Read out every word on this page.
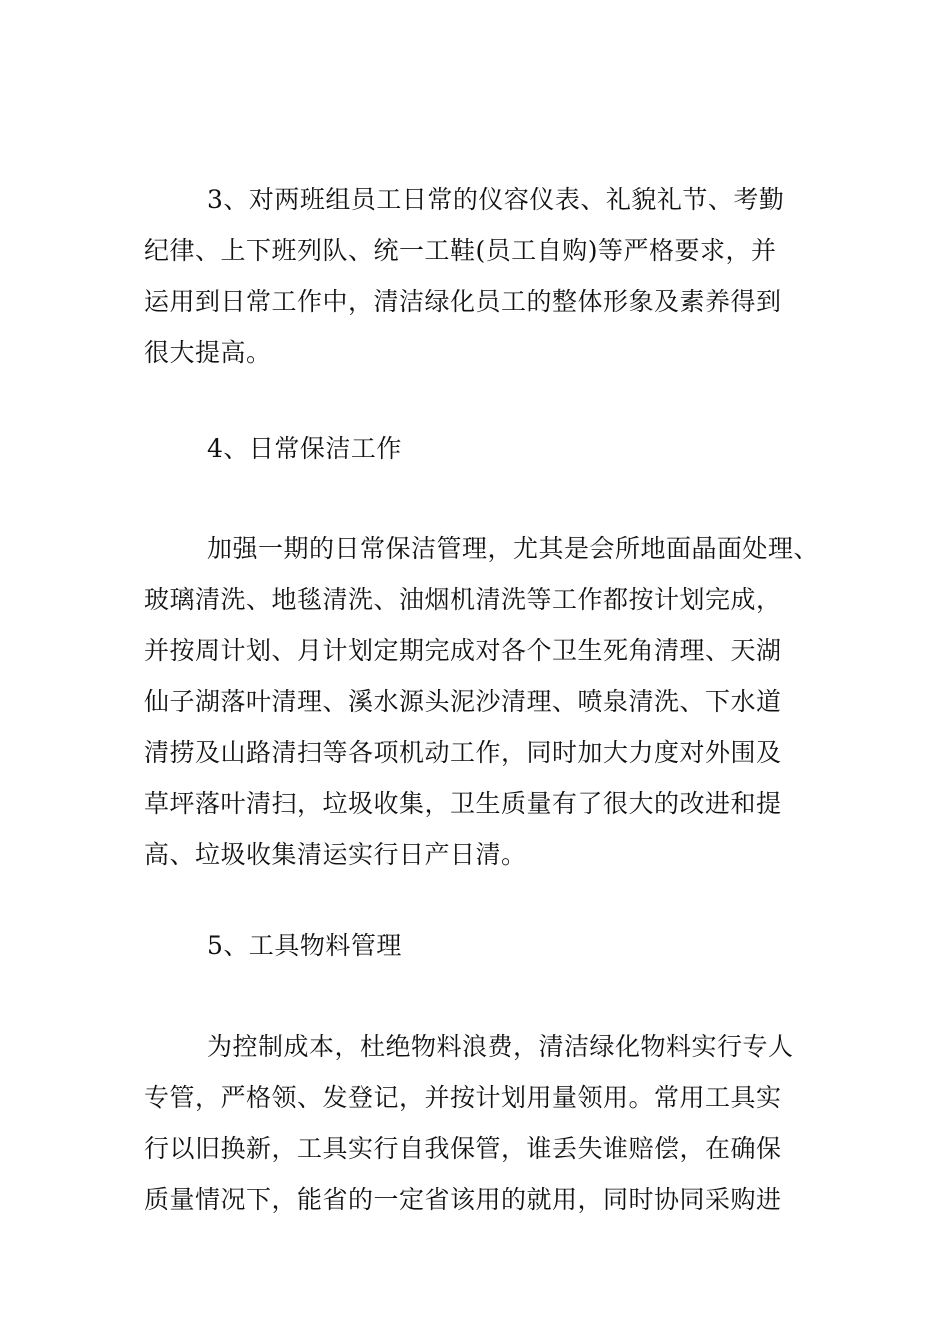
3、对两班组员工日常的仪容仪表、礼貌礼节、考勤
纪律、上下班列队、统一工鞋(员工自购)等严格要求，并
运用到日常工作中，清洁绿化员工的整体形象及素养得到
很大提高。
4、日常保洁工作
加强一期的日常保洁管理，尤其是会所地面晶面处理、
玻璃清洗、地毯清洗、油烟机清洗等工作都按计划完成，
并按周计划、月计划定期完成对各个卫生死角清理、天湖
仙子湖落叶清理、溪水源头泥沙清理、喷泉清洗、下水道
清捞及山路清扫等各项机动工作，同时加大力度对外围及
草坪落叶清扫，垃圾收集，卫生质量有了很大的改进和提
高、垃圾收集清运实行日产日清。
5、工具物料管理
为控制成本，杜绝物料浪费，清洁绿化物料实行专人
专管，严格领、发登记，并按计划用量领用。常用工具实
行以旧换新，工具实行自我保管，谁丢失谁赔偿，在确保
质量情况下，能省的一定省该用的就用，同时协同采购进
